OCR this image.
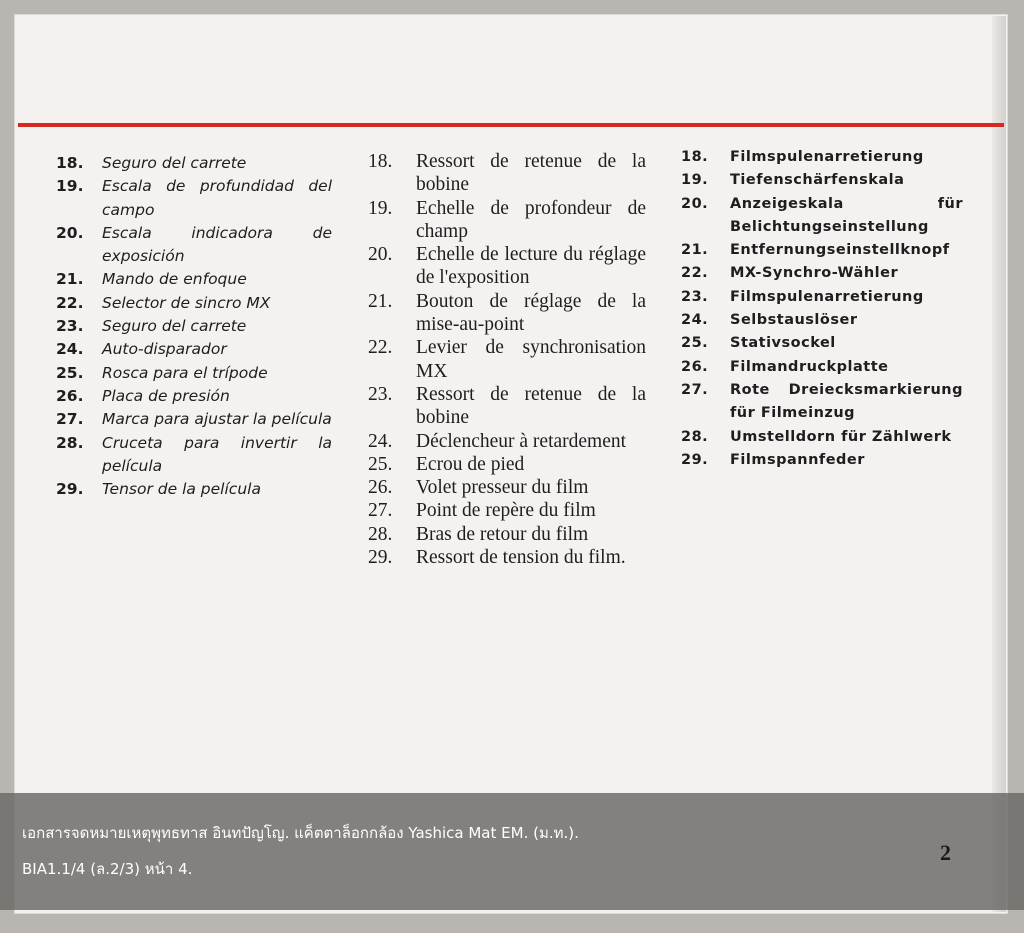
18.	Seguro del carrete
19.	Escala de profundidad del campo
20.	Escala indicadora de exposición
21.	Mando de enfoque
22.	Selector de sincro MX
23.	Seguro del carrete
24.	Auto-disparador
25.	Rosca para el trípode
26.	Placa de presión
27.	Marca para ajustar la película
28.	Cruceta para invertir la película
29.	Tensor de la película
18.	Ressort de retenue de la bobine
19.	Echelle de profondeur de champ
20.	Echelle de lecture du réglage de l'exposition
21.	Bouton de réglage de la mise-au-point
22.	Levier de synchronisation MX
23.	Ressort de retenue de la bobine
24.	Déclencheur à retardement
25.	Ecrou de pied
26.	Volet presseur du film
27.	Point de repère du film
28.	Bras de retour du film
29.	Ressort de tension du film.
18.	Filmspulenarretierung
19.	Tiefenschärfenskala
20.	Anzeigeskala für Belichtungseinstellung
21.	Entfernungseinstellknopf
22.	MX-Synchro-Wähler
23.	Filmspulenarretierung
24.	Selbstauslöser
25.	Stativsockel
26.	Filmandruckplatte
27.	Rote Dreiecksmarkierung für Filmeinzug
28.	Umstelldorn für Zählwerk
29.	Filmspannfeder
เอกสารจดหมายเหตุพุทธทาส อินทปัญโญ. แค็ตตาล็อกกล้อง Yashica Mat EM. (ม.ท.).
BIA1.1/4 (ล.2/3) หน้า 4.
2
